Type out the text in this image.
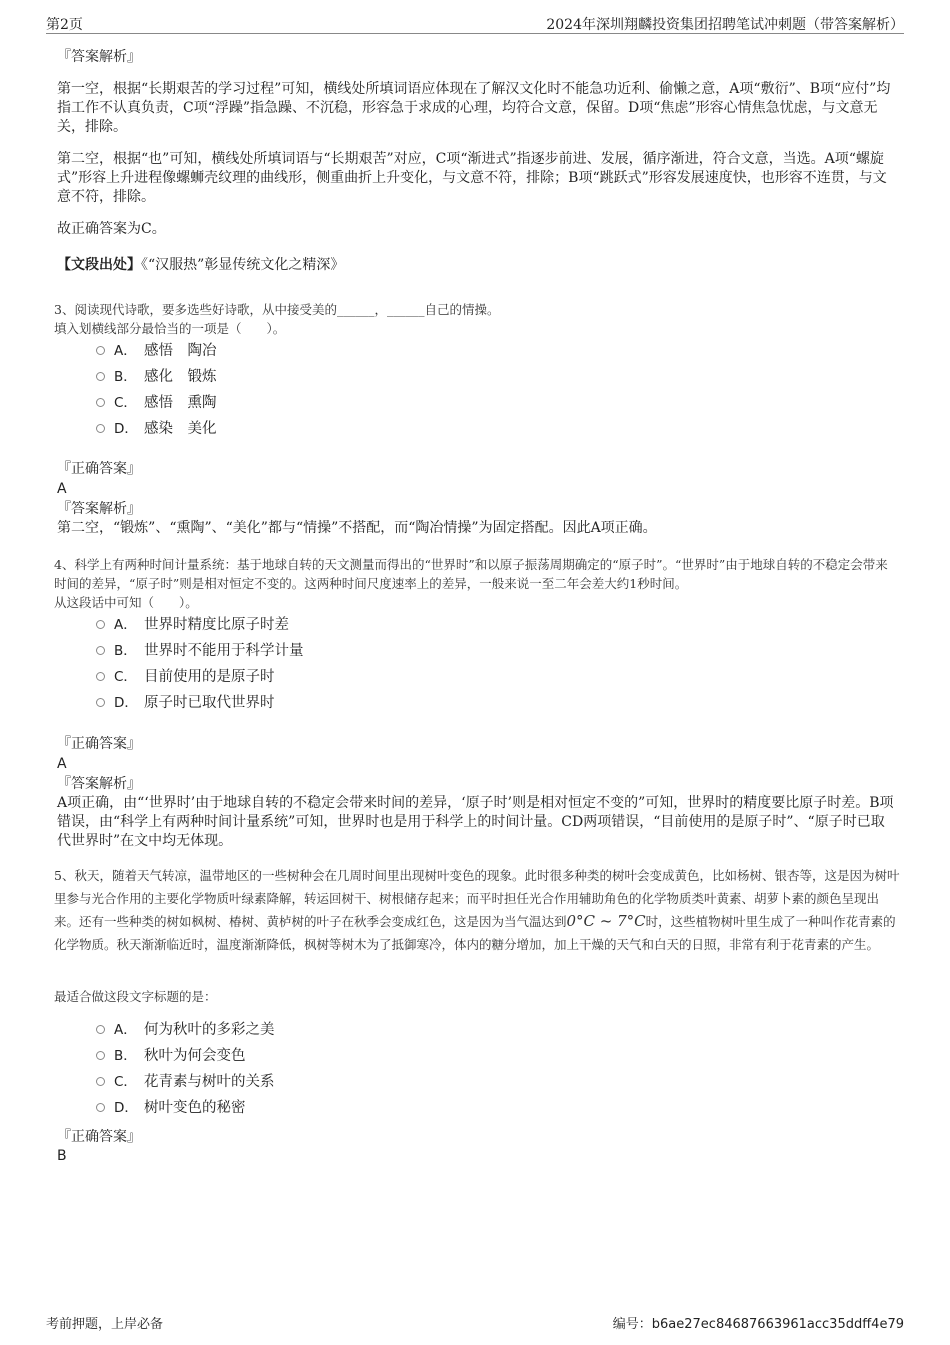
第2页	2024年深圳翔麟投资集团招聘笔试冲刺题（带答案解析）
『答案解析』
第一空，根据“长期艰苦的学习过程”可知，横线处所填词语应体现在了解汉文化时不能急功近利、偷懒之意，A项“敷衍”、B项“应付”均指工作不认真负责，C项“浮躁”指急躁、不沉稳，形容急于求成的心理，均符合文意，保留。D项“焦虑”形容心情焦急忧虑，与文意无关，排除。
第二空，根据“也”可知，横线处所填词语与“长期艰苦”对应，C项“渐进式”指逐步前进、发展，循序渐进，符合文意，当选。A项“螺旋式”形容上升进程像螺蛳壳纹理的曲线形，侧重曲折上升变化，与文意不符，排除；B项“跳跃式”形容发展速度快，也形容不连贯，与文意不符，排除。
故正确答案为C。
【文段出处】《“汉服热”彰显传统文化之精深》
3、阅读现代诗歌，要多选些好诗歌，从中接受美的______，______自己的情操。
填入划横线部分最恰当的一项是（　　）。
A． 感悟　陶冶
B． 感化　锻炼
C． 感悟　熏陶
D． 感染　美化
『正确答案』
A
『答案解析』
第二空，“锻炼”、“熏陶”、“美化”都与“情操”不搭配，而“陶冶情操”为固定搭配。因此A项正确。
4、科学上有两种时间计量系统：基于地球自转的天文测量而得出的“世界时”和以原子振荡周期确定的“原子时”。“世界时”由于地球自转的不稳定会带来时间的差异，“原子时”则是相对恒定不变的。这两种时间尺度速率上的差异，一般来说一至二年会差大约1秒时间。
从这段话中可知（　　）。
A． 世界时精度比原子时差
B． 世界时不能用于科学计量
C． 目前使用的是原子时
D． 原子时已取代世界时
『正确答案』
A
『答案解析』
A项正确，由“‘世界时’由于地球自转的不稳定会带来时间的差异，‘原子时’则是相对恒定不变的”可知，世界时的精度要比原子时差。B项错误，由“科学上有两种时间计量系统”可知，世界时也是用于科学上的时间计量。CD两项错误，“目前使用的是原子时”、“原子时已取代世界时”在文中均无体现。
5、秋天，随着天气转凉，温带地区的一些树种会在几周时间里出现树叶变色的现象。此时很多种类的树叶会变成黄色，比如杨树、银杏等，这是因为树叶里参与光合作用的主要化学物质叶绿素降解，转运回树干、树根储存起来；而平时担任光合作用辅助角色的化学物质类叶黄素、胡萝卜素的颜色呈现出来。还有一些种类的树如枫树、椿树、黄栌树的叶子在秋季会变成红色，这是因为当气温达到0°C ~ 7°C时，这些植物树叶里生成了一种叫作花青素的化学物质。秋天渐渐临近时，温度渐渐降低，枫树等树木为了抵御寒冷，体内的糖分增加，加上干燥的天气和白天的日照，非常有利于花青素的产生。
最适合做这段文字标题的是：
A． 何为秋叶的多彩之美
B． 秋叶为何会变色
C． 花青素与树叶的关系
D． 树叶变色的秘密
『正确答案』
B
考前押题，上岸必备	编号：b6ae27ec84687663961acc35ddff4e79
